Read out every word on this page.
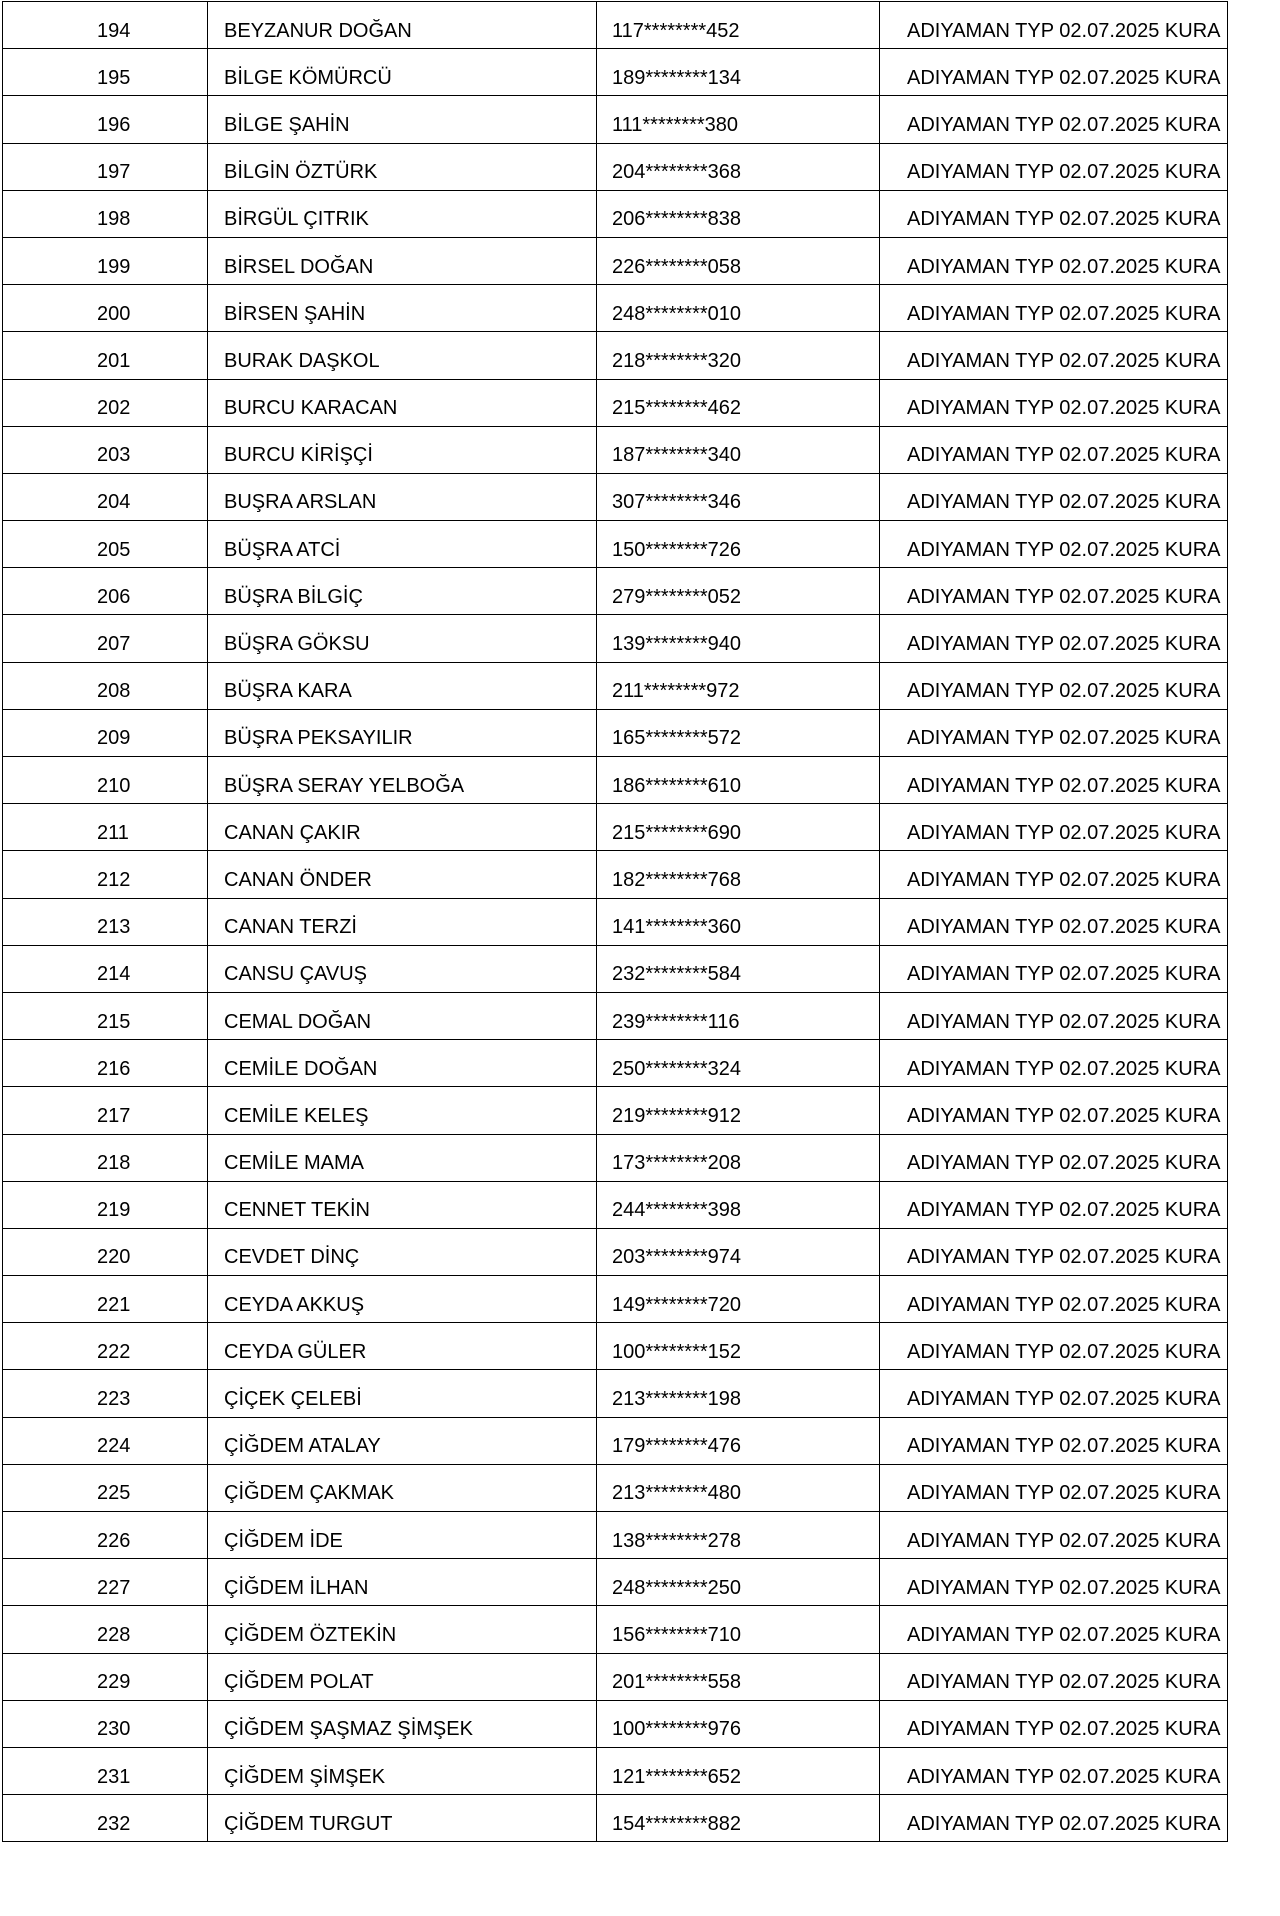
194	BEYZANUR DOĞAN	117********452	ADIYAMAN TYP 02.07.2025 KURA
195	BİLGE KÖMÜRCÜ	189********134	ADIYAMAN TYP 02.07.2025 KURA
196	BİLGE ŞAHİN	111********380	ADIYAMAN TYP 02.07.2025 KURA
197	BİLGİN ÖZTÜRK	204********368	ADIYAMAN TYP 02.07.2025 KURA
198	BİRGÜL ÇITRIK	206********838	ADIYAMAN TYP 02.07.2025 KURA
199	BİRSEL DOĞAN	226********058	ADIYAMAN TYP 02.07.2025 KURA
200	BİRSEN ŞAHİN	248********010	ADIYAMAN TYP 02.07.2025 KURA
201	BURAK DAŞKOL	218********320	ADIYAMAN TYP 02.07.2025 KURA
202	BURCU KARACAN	215********462	ADIYAMAN TYP 02.07.2025 KURA
203	BURCU KİRİŞÇİ	187********340	ADIYAMAN TYP 02.07.2025 KURA
204	BUŞRA ARSLAN	307********346	ADIYAMAN TYP 02.07.2025 KURA
205	BÜŞRA ATCİ	150********726	ADIYAMAN TYP 02.07.2025 KURA
206	BÜŞRA BİLGİÇ	279********052	ADIYAMAN TYP 02.07.2025 KURA
207	BÜŞRA GÖKSU	139********940	ADIYAMAN TYP 02.07.2025 KURA
208	BÜŞRA KARA	211********972	ADIYAMAN TYP 02.07.2025 KURA
209	BÜŞRA PEKSAYILIR	165********572	ADIYAMAN TYP 02.07.2025 KURA
210	BÜŞRA SERAY YELBOĞA	186********610	ADIYAMAN TYP 02.07.2025 KURA
211	CANAN ÇAKIR	215********690	ADIYAMAN TYP 02.07.2025 KURA
212	CANAN ÖNDER	182********768	ADIYAMAN TYP 02.07.2025 KURA
213	CANAN TERZİ	141********360	ADIYAMAN TYP 02.07.2025 KURA
214	CANSU ÇAVUŞ	232********584	ADIYAMAN TYP 02.07.2025 KURA
215	CEMAL DOĞAN	239********116	ADIYAMAN TYP 02.07.2025 KURA
216	CEMİLE DOĞAN	250********324	ADIYAMAN TYP 02.07.2025 KURA
217	CEMİLE KELEŞ	219********912	ADIYAMAN TYP 02.07.2025 KURA
218	CEMİLE MAMA	173********208	ADIYAMAN TYP 02.07.2025 KURA
219	CENNET TEKİN	244********398	ADIYAMAN TYP 02.07.2025 KURA
220	CEVDET DİNÇ	203********974	ADIYAMAN TYP 02.07.2025 KURA
221	CEYDA AKKUŞ	149********720	ADIYAMAN TYP 02.07.2025 KURA
222	CEYDA GÜLER	100********152	ADIYAMAN TYP 02.07.2025 KURA
223	ÇİÇEK ÇELEBİ	213********198	ADIYAMAN TYP 02.07.2025 KURA
224	ÇİĞDEM ATALAY	179********476	ADIYAMAN TYP 02.07.2025 KURA
225	ÇİĞDEM ÇAKMAK	213********480	ADIYAMAN TYP 02.07.2025 KURA
226	ÇİĞDEM İDE	138********278	ADIYAMAN TYP 02.07.2025 KURA
227	ÇİĞDEM İLHAN	248********250	ADIYAMAN TYP 02.07.2025 KURA
228	ÇİĞDEM ÖZTEKİN	156********710	ADIYAMAN TYP 02.07.2025 KURA
229	ÇİĞDEM POLAT	201********558	ADIYAMAN TYP 02.07.2025 KURA
230	ÇİĞDEM ŞAŞMAZ ŞİMŞEK	100********976	ADIYAMAN TYP 02.07.2025 KURA
231	ÇİĞDEM ŞİMŞEK	121********652	ADIYAMAN TYP 02.07.2025 KURA
232	ÇİĞDEM TURGUT	154********882	ADIYAMAN TYP 02.07.2025 KURA
